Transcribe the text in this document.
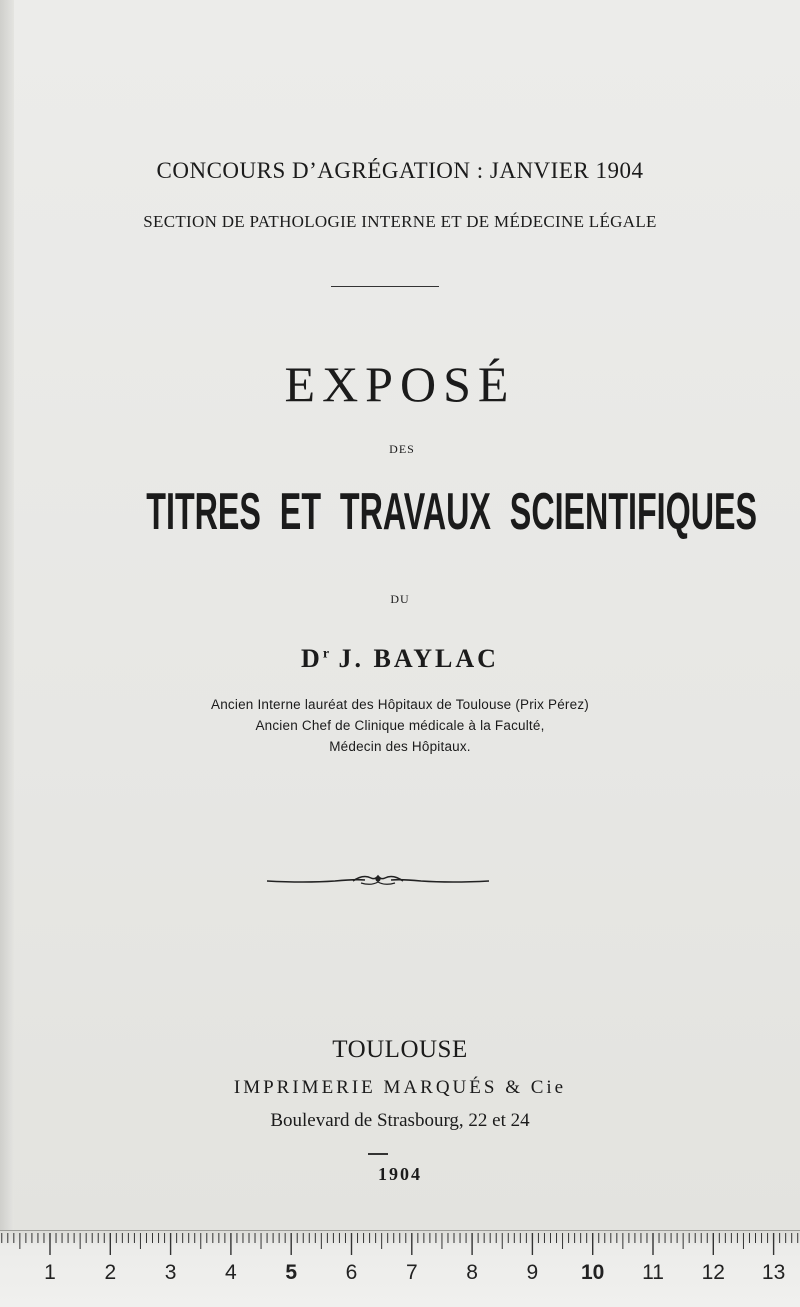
CONCOURS D’AGRÉGATION : JANVIER 1904
SECTION DE PATHOLOGIE INTERNE ET DE MÉDECINE LÉGALE
EXPOSÉ
DES
TITRES ET TRAVAUX SCIENTIFIQUES
DU
$D^r$ J. BAYLAC
Ancien Interne lauréat des Hôpitaux de Toulouse (Prix Pérez)
Ancien Chef de Clinique médicale à la Faculté,
Médecin des Hôpitaux.
TOULOUSE
IMPRIMERIE MARQUÉS & Cie
Boulevard de Strasbourg, 22 et 24
1904
1 2 3 4 5 6 7 8 9 10 11 12 13
